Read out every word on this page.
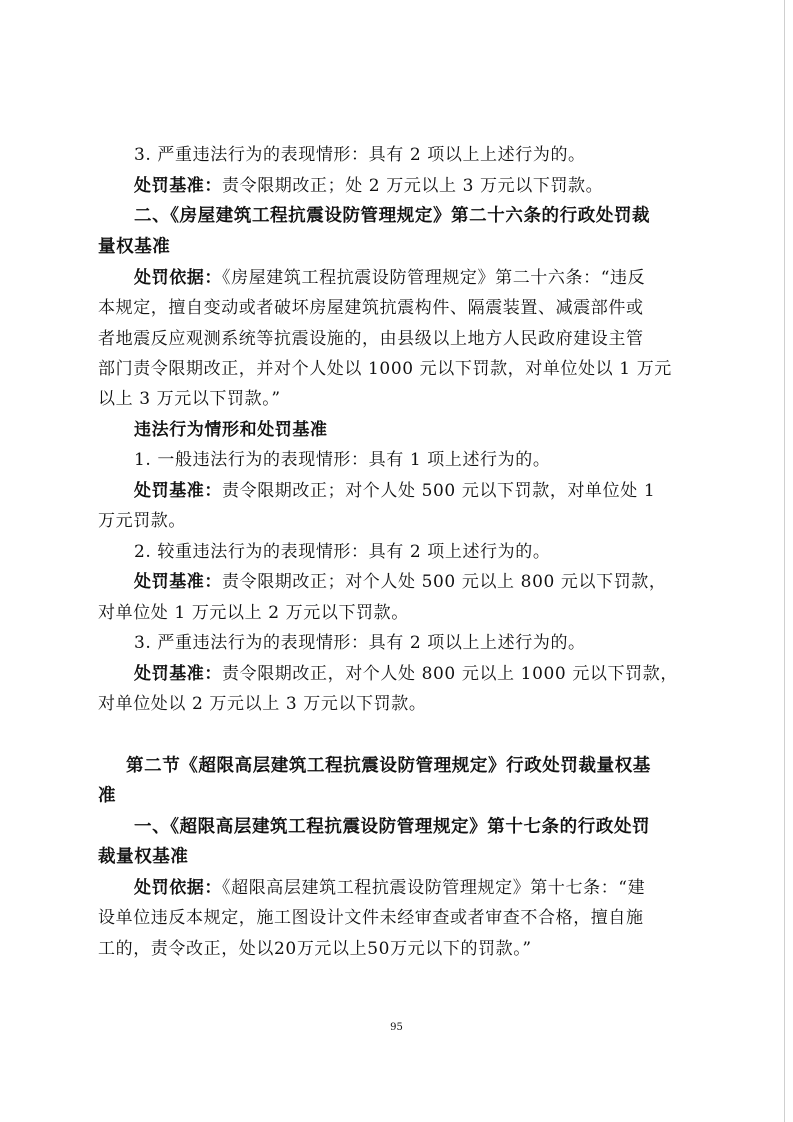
3. 严重违法行为的表现情形：具有 2 项以上上述行为的。
处罚基准：责令限期改正；处 2 万元以上 3 万元以下罚款。
二、《房屋建筑工程抗震设防管理规定》第二十六条的行政处罚裁
量权基准
处罚依据：《房屋建筑工程抗震设防管理规定》第二十六条：“违反
本规定，擅自变动或者破坏房屋建筑抗震构件、隔震装置、减震部件或
者地震反应观测系统等抗震设施的，由县级以上地方人民政府建设主管
部门责令限期改正，并对个人处以 1000 元以下罚款，对单位处以 1 万元
以上 3 万元以下罚款。”
违法行为情形和处罚基准
1. 一般违法行为的表现情形：具有 1 项上述行为的。
处罚基准：责令限期改正；对个人处 500 元以下罚款，对单位处 1
万元罚款。
2. 较重违法行为的表现情形：具有 2 项上述行为的。
处罚基准：责令限期改正；对个人处 500 元以上 800 元以下罚款，
对单位处 1 万元以上 2 万元以下罚款。
3. 严重违法行为的表现情形：具有 2 项以上上述行为的。
处罚基准：责令限期改正，对个人处 800 元以上 1000 元以下罚款，
对单位处以 2 万元以上 3 万元以下罚款。
第二节《超限高层建筑工程抗震设防管理规定》行政处罚裁量权基
准
一、《超限高层建筑工程抗震设防管理规定》第十七条的行政处罚
裁量权基准
处罚依据：《超限高层建筑工程抗震设防管理规定》第十七条：“建
设单位违反本规定，施工图设计文件未经审查或者审查不合格，擅自施
工的，责令改正，处以20万元以上50万元以下的罚款。”
95
